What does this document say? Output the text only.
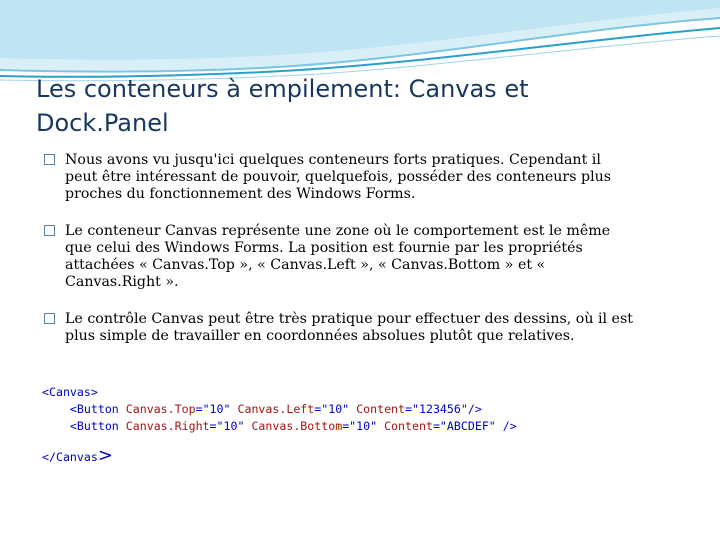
Les conteneurs à empilement: Canvas et
Dock.Panel
Nous avons vu jusqu'ici quelques conteneurs forts pratiques. Cependant il
peut être intéressant de pouvoir, quelquefois, posséder des conteneurs plus
proches du fonctionnement des Windows Forms.
Le conteneur Canvas représente une zone où le comportement est le même
que celui des Windows Forms. La position est fournie par les propriétés
attachées « Canvas.Top », « Canvas.Left », « Canvas.Bottom » et «
Canvas.Right ».
Le contrôle Canvas peut être très pratique pour effectuer des dessins, où il est
plus simple de travailler en coordonnées absolues plutôt que relatives.
<Canvas>
<Button Canvas.Top="10" Canvas.Left="10" Content="123456"/>
<Button Canvas.Right="10" Canvas.Bottom="10" Content="ABCDEF" />
</Canvas>
